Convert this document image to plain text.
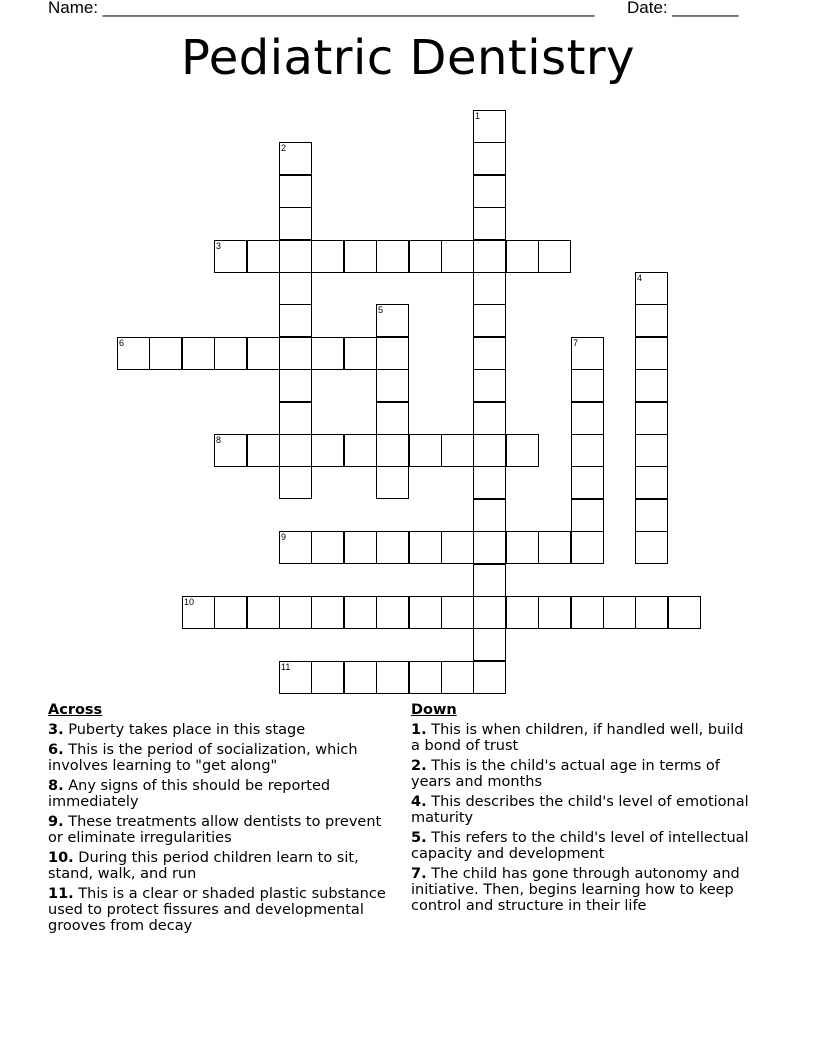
Name: ____________________________________________________ Date: _______
Pediatric Dentistry
3
6
8
9
10
11
1
2
4
5
7
Across
3. Puberty takes place in this stage
6. This is the period of socialization, which involves learning to "get along"
8. Any signs of this should be reported immediately
9. These treatments allow dentists to prevent or eliminate irregularities
10. During this period children learn to sit, stand, walk, and run
11. This is a clear or shaded plastic substance used to protect fissures and developmental grooves from decay
Down
1. This is when children, if handled well, build a bond of trust
2. This is the child's actual age in terms of years and months
4. This describes the child's level of emotional maturity
5. This refers to the child's level of intellectual capacity and development
7. The child has gone through autonomy and initiative. Then, begins learning how to keep control and structure in their life
